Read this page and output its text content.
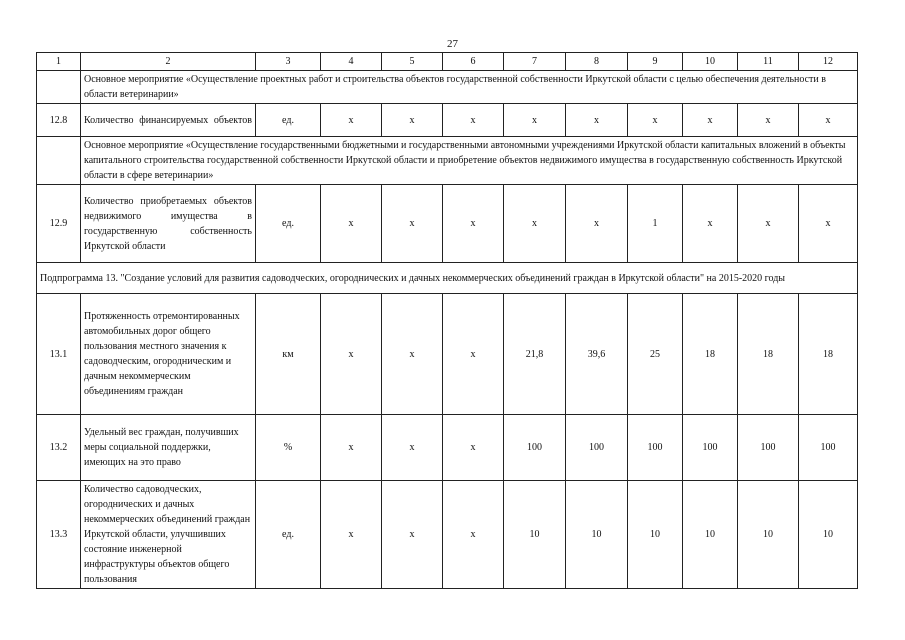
27
1	2	3	4	5	6	7	8	9	10	11	12
	Основное мероприятие «Осуществление проектных работ и строительства объектов государственной собственности Иркутской области с целью обеспечения деятельности в области ветеринарии»										
12.8	Количество финансируемых объектов	ед.	х	х	х	х	х	х	х	х	х
	Основное мероприятие «Осуществление государственными бюджетными и государственными автономными учреждениями Иркутской области капитальных вложений в объекты капитального строительства государственной собственности Иркутской области и приобретение объектов недвижимого имущества в государственную собственность Иркутской области в сфере ветеринарии»										
12.9	Количество приобретаемых объектов недвижимого имущества в государственную собственность Иркутской области	ед.	х	х	х	х	х	1	х	х	х
Подпрограмма 13. "Создание условий для развития садоводческих, огороднических и дачных некоммерческих объединений граждан в Иркутской области" на 2015-2020 годы											
13.1	Протяженность отремонтированных автомобильных дорог общего пользования местного значения к садоводческим, огородническим и дачным некоммерческим объединениям граждан	км	х	х	х	21,8	39,6	25	18	18	18
13.2	Удельный вес граждан, получивших меры социальной поддержки, имеющих на это право	%	х	х	х	100	100	100	100	100	100
13.3	Количество садоводческих, огороднических и дачных некоммерческих объединений граждан Иркутской области, улучшивших состояние инженерной инфраструктуры объектов общего пользования	ед.	х	х	х	10	10	10	10	10	10
